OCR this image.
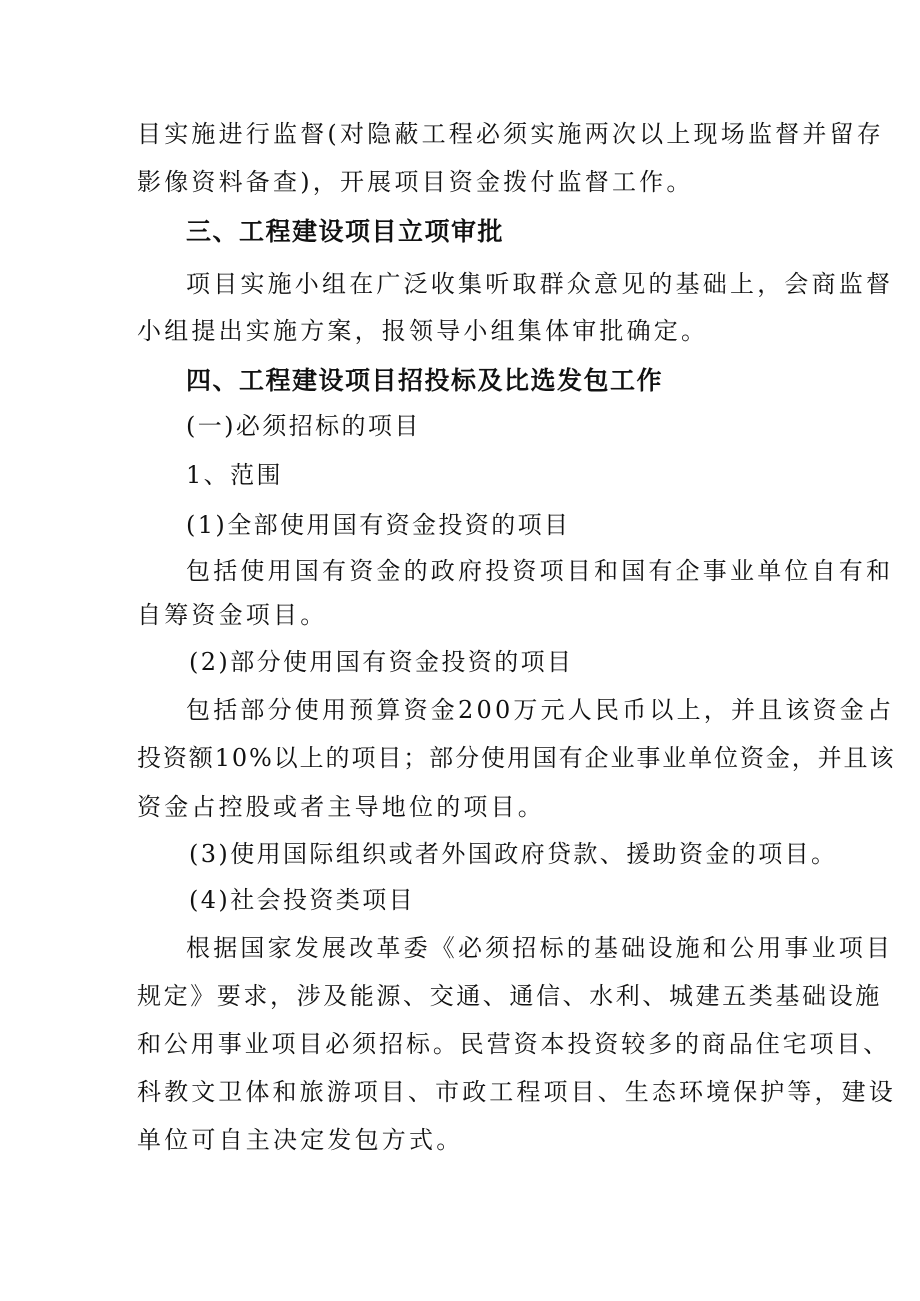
目实施进行监督(对隐蔽工程必须实施两次以上现场监督并留存
影像资料备查)，开展项目资金拨付监督工作。
三、工程建设项目立项审批
项目实施小组在广泛收集听取群众意见的基础上，会商监督
小组提出实施方案，报领导小组集体审批确定。
四、工程建设项目招投标及比选发包工作
(一)必须招标的项目
1、范围
(1)全部使用国有资金投资的项目
包括使用国有资金的政府投资项目和国有企事业单位自有和
自筹资金项目。
(2)部分使用国有资金投资的项目
包括部分使用预算资金200万元人民币以上，并且该资金占
投资额10%以上的项目；部分使用国有企业事业单位资金，并且该
资金占控股或者主导地位的项目。
(3)使用国际组织或者外国政府贷款、援助资金的项目。
(4)社会投资类项目
根据国家发展改革委《必须招标的基础设施和公用事业项目
规定》要求，涉及能源、交通、通信、水利、城建五类基础设施
和公用事业项目必须招标。民营资本投资较多的商品住宅项目、
科教文卫体和旅游项目、市政工程项目、生态环境保护等，建设
单位可自主决定发包方式。
